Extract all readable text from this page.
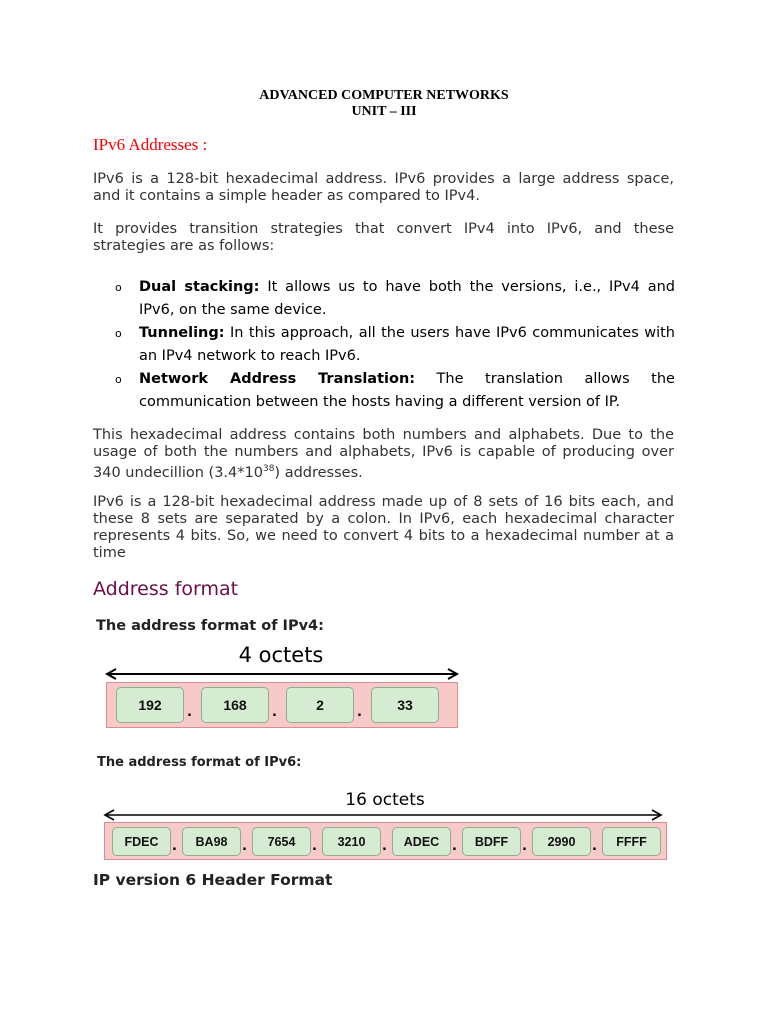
ADVANCED COMPUTER NETWORKS
UNIT – III
IPv6 Addresses :
IPv6 is a 128-bit hexadecimal address. IPv6 provides a large address space, and it contains a simple header as compared to IPv4.
It provides transition strategies that convert IPv4 into IPv6, and these strategies are as follows:
o Dual stacking: It allows us to have both the versions, i.e., IPv4 and IPv6, on the same device.
o Tunneling: In this approach, all the users have IPv6 communicates with an IPv4 network to reach IPv6.
o Network Address Translation: The translation allows the communication between the hosts having a different version of IP.
This hexadecimal address contains both numbers and alphabets. Due to the usage of both the numbers and alphabets, IPv6 is capable of producing over 340 undecillion $(3.4*10^{38})$ addresses.
IPv6 is a 128-bit hexadecimal address made up of 8 sets of 16 bits each, and these 8 sets are separated by a colon. In IPv6, each hexadecimal character represents 4 bits. So, we need to convert 4 bits to a hexadecimal number at a time
Address format
The address format of IPv4:
4 octets
192	.	168	.	2	.	33
The address format of IPv6:
16 octets
FDEC	.	BA98	.	7654	.	3210	.	ADEC .	BDFF	.	2990	.	FFFF
IP version 6 Header Format
